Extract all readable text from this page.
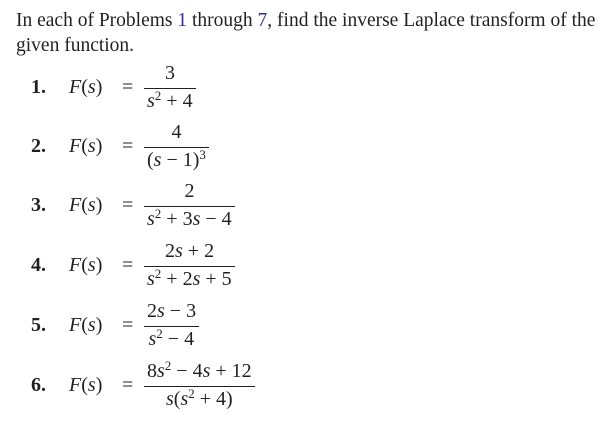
In each of Problems 1 through 7, find the inverse Laplace transform of the given function.
1. F(s) =
3
$s^2 + 4$
2. F(s) =
4
$(s - 1)^3$
3. F(s) =
2
$s^2 + 3s - 4$
4. F(s) =
2s + 2
$s^2 + 2s + 5$
5. F(s) =
2s − 3
$s^2 - 4$
6. F(s) =
$8s^2 - 4s + 12$
$s(s^2 + 4)$
